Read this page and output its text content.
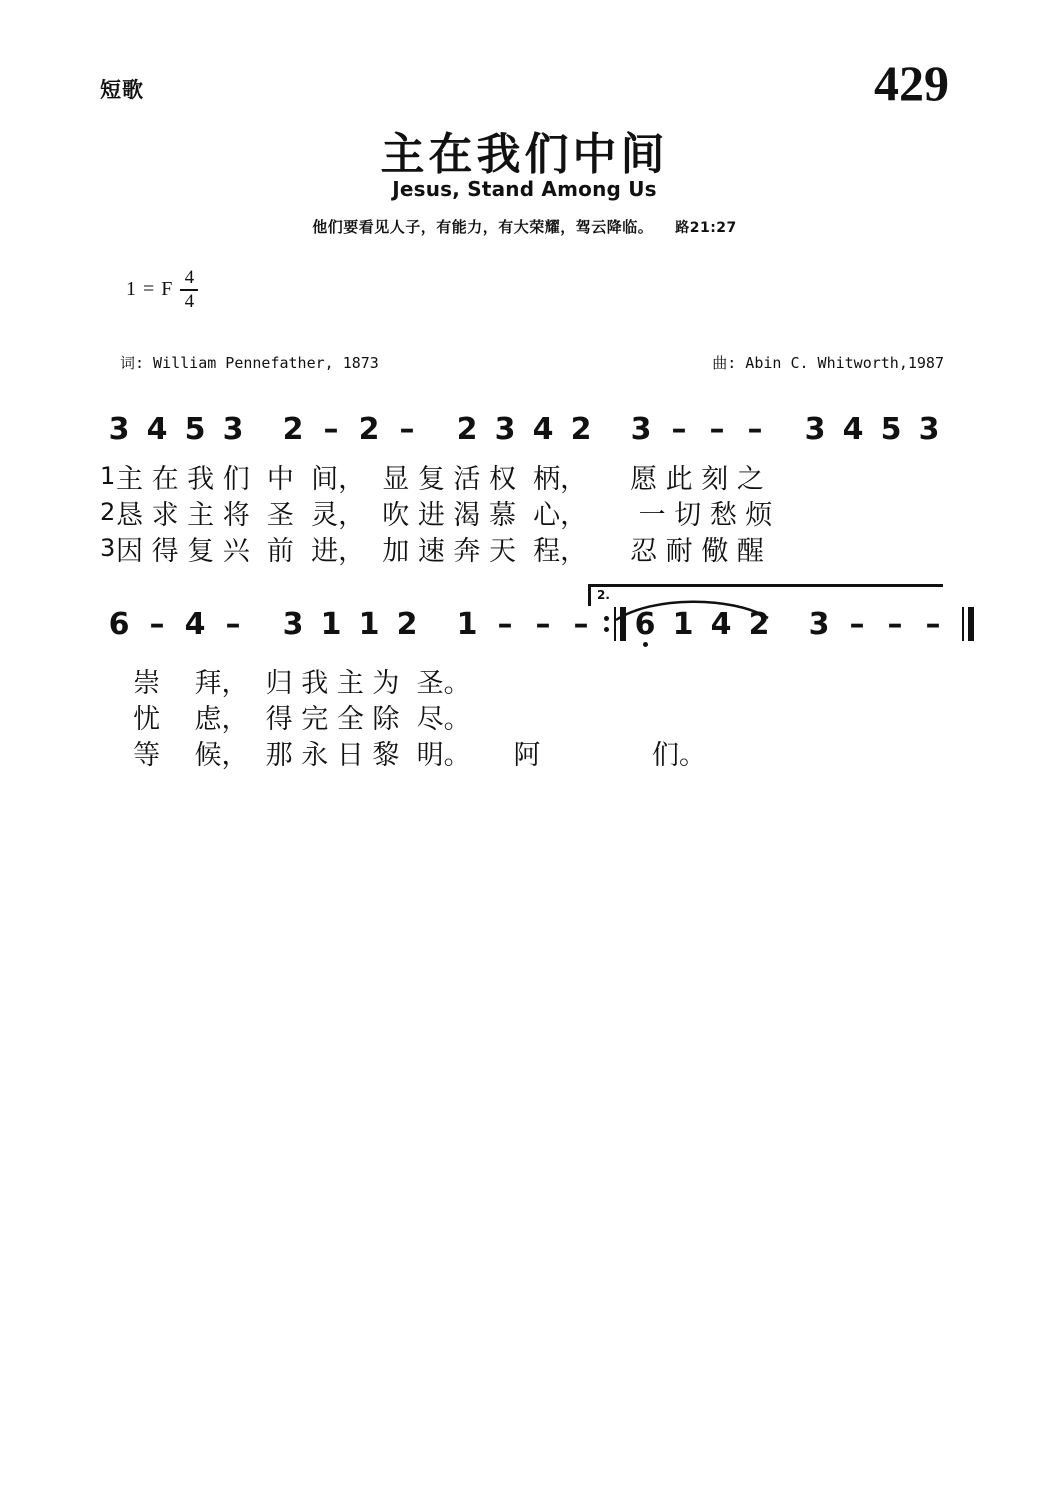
短歌	429
主在我们中间
Jesus, Stand Among Us
他们要看见人子，有能力，有大荣耀，驾云降临。 路21:27
1 = F $\frac{4}{4}$
词: William Pennefather, 1873	曲: Abin C. Whitworth,1987
3 4 5 3 2 – 2 –	2 3 4 2 3 – – –	3 4 5 3
1 主 在 我 们  中  间，  显 复 活 权  柄，     愿 此 刻 之
2 恳 求 主 将  圣  灵，  吹 进 渴 慕  心，      一 切 愁 烦
3 因 得 复 兴  前  进，  加 速 奔 天  程，     忍 耐 儆 醒
2.
6 – 4 –	3 1 1 2 1 – – –	6 1 4 2 3 – – –
崇    拜，  归 我 主 为  圣。
忧    虑，  得 完 全 除  尽。
等    候，  那 永 日 黎  明。     阿             们。
